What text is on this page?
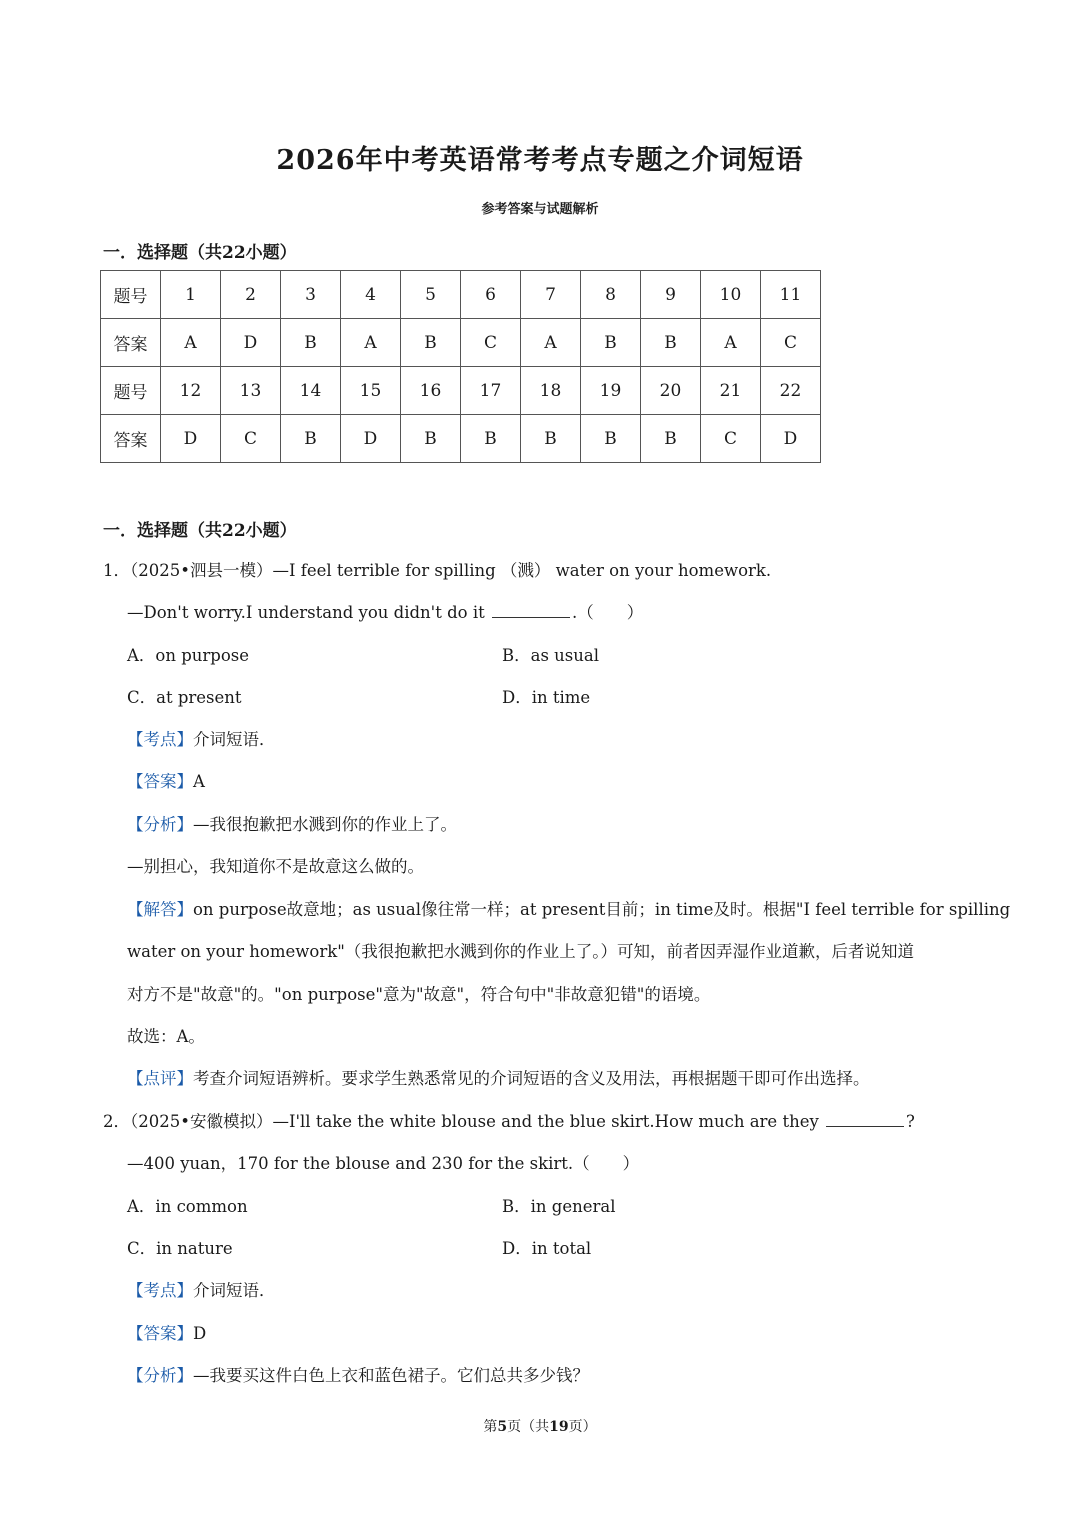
2026年中考英语常考考点专题之介词短语
参考答案与试题解析
一．选择题（共22小题）
题号	1	2	3	4	5	6	7	8	9	10	11
答案	A	D	B	A	B	C	A	B	B	A	C
题号	12	13	14	15	16	17	18	19	20	21	22
答案	D	C	B	D	B	B	B	B	B	C	D
一．选择题（共22小题）
1．（2025•泗县一模）—I feel terrible for spilling （溅） water on your homework.
—Don't worry.I understand you didn't do it	.（　　）
A．on purpose	B．as usual
C．at present	D．in time
【考点】介词短语．
【答案】A
【分析】—我很抱歉把水溅到你的作业上了。
—别担心，我知道你不是故意这么做的。
【解答】on purpose故意地；as usual像往常一样；at present目前；in time及时。根据"I feel terrible for spilling
water on your homework"（我很抱歉把水溅到你的作业上了。）可知，前者因弄湿作业道歉，后者说知道
对方不是"故意"的。"on purpose"意为"故意"，符合句中"非故意犯错"的语境。
故选：A。
【点评】考查介词短语辨析。要求学生熟悉常见的介词短语的含义及用法，再根据题干即可作出选择。
2．（2025•安徽模拟）—I'll take the white blouse and the blue skirt.How much are they	?
—400 yuan，170 for the blouse and 230 for the skirt.（　　）
A．in common	B．in general
C．in nature	D．in total
【考点】介词短语．
【答案】D
【分析】—我要买这件白色上衣和蓝色裙子。它们总共多少钱？
第5页（共19页）
